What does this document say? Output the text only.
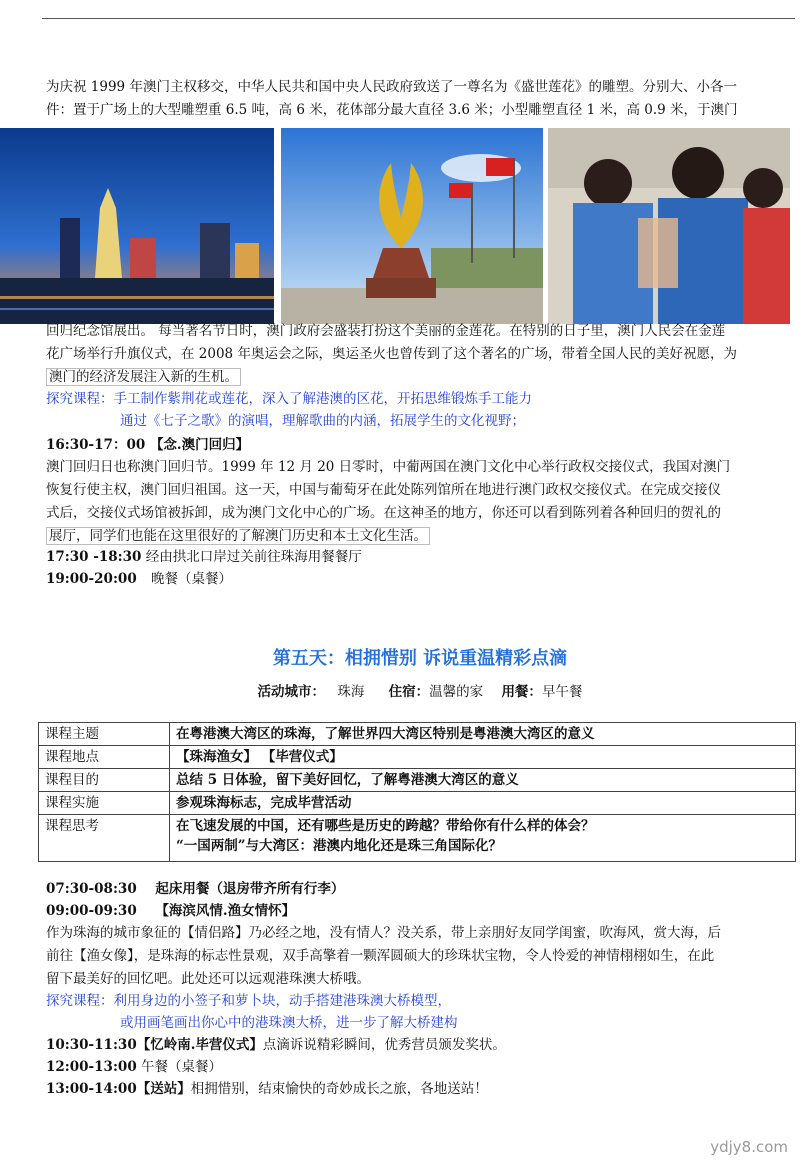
为庆祝 1999 年澳门主权移交，中华人民共和国中央人民政府致送了一尊名为《盛世莲花》的雕塑。分别大、小各一
件：置于广场上的大型雕塑重 6.5 吨，高 6 米，花体部分最大直径 3.6 米；小型雕塑直径 1 米，高 0.9 米，于澳门
回归纪念馆展出。 每当著名节日时，澳门政府会盛装打扮这个美丽的金莲花。在特别的日子里，澳门人民会在金莲
花广场举行升旗仪式，在 2008 年奥运会之际，奥运圣火也曾传到了这个著名的广场，带着全国人民的美好祝愿，为
澳门的经济发展注入新的生机。
探究课程：手工制作紫荆花或莲花，深入了解港澳的区花，开拓思维锻炼手工能力
通过《七子之歌》的演唱，理解歌曲的内涵，拓展学生的文化视野；
16:30-17：00 【念.澳门回归】
澳门回归日也称澳门回归节。1999 年 12 月 20 日零时，中葡两国在澳门文化中心举行政权交接仪式，我国对澳门
恢复行使主权，澳门回归祖国。这一天，中国与葡萄牙在此处陈列馆所在地进行澳门政权交接仪式。在完成交接仪
式后，交接仪式场馆被拆卸，成为澳门文化中心的广场。在这神圣的地方，你还可以看到陈列着各种回归的贺礼的
展厅，同学们也能在这里很好的了解澳门历史和本土文化生活。
17:30 -18:30 经由拱北口岸过关前往珠海用餐餐厅
19:00-20:00 晚餐（桌餐）
第五天：相拥惜别 诉说重温精彩点滴
活动城市： 珠海 住宿：温馨的家 用餐：早午餐
课程主题	在粤港澳大湾区的珠海，了解世界四大湾区特别是粤港澳大湾区的意义
课程地点	【珠海渔女】 【毕营仪式】
课程目的	总结 5 日体验，留下美好回忆，了解粤港澳大湾区的意义
课程实施	参观珠海标志，完成毕营活动
课程思考	在飞速发展的中国，还有哪些是历史的跨越？带给你有什么样的体会？
“一国两制”与大湾区：港澳内地化还是珠三角国际化？
07:30-08:30 起床用餐（退房带齐所有行李）
09:00-09:30 【海滨风情.渔女情怀】
作为珠海的城市象征的【情侣路】乃必经之地，没有情人？没关系，带上亲朋好友同学闺蜜，吹海风，赏大海，后
前往【渔女像】，是珠海的标志性景观，双手高擎着一颗浑圆硕大的珍珠状宝物，令人怜爱的神情栩栩如生，在此
留下最美好的回忆吧。此处还可以远观港珠澳大桥哦。
探究课程：利用身边的小签子和萝卜块，动手搭建港珠澳大桥模型，
或用画笔画出你心中的港珠澳大桥，进一步了解大桥建构
10:30-11:30【忆岭南.毕营仪式】点滴诉说精彩瞬间，优秀营员颁发奖状。
12:00-13:00 午餐（桌餐）
13:00-14:00【送站】相拥惜别，结束愉快的奇妙成长之旅，各地送站！
ydjy8.com
